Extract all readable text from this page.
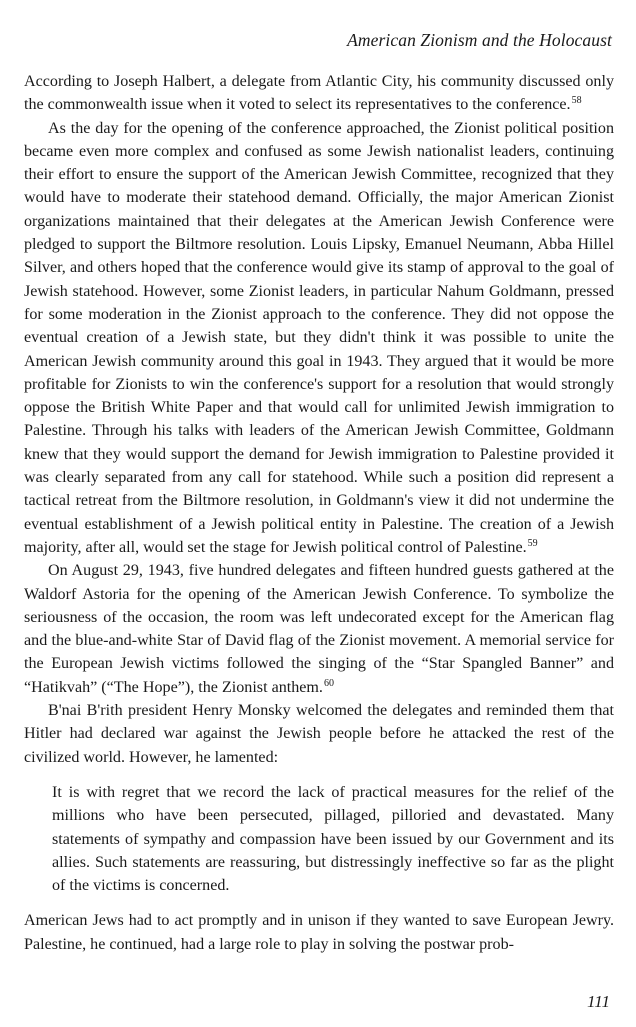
American Zionism and the Holocaust

According to Joseph Halbert, a delegate from Atlantic City, his community discussed only the commonwealth issue when it voted to select its representatives to the conference.$^{58}$

As the day for the opening of the conference approached, the Zionist political position became even more complex and confused as some Jewish nationalist leaders, continuing their effort to ensure the support of the American Jewish Committee, recognized that they would have to moderate their statehood demand. Officially, the major American Zionist organizations maintained that their delegates at the American Jewish Conference were pledged to support the Biltmore resolution. Louis Lipsky, Emanuel Neumann, Abba Hillel Silver, and others hoped that the conference would give its stamp of approval to the goal of Jewish statehood. However, some Zionist leaders, in particular Nahum Goldmann, pressed for some moderation in the Zionist approach to the conference. They did not oppose the eventual creation of a Jewish state, but they didn't think it was possible to unite the American Jewish community around this goal in 1943. They argued that it would be more profitable for Zionists to win the conference's support for a resolution that would strongly oppose the British White Paper and that would call for unlimited Jewish immigration to Palestine. Through his talks with leaders of the American Jewish Committee, Goldmann knew that they would support the demand for Jewish immigration to Palestine provided it was clearly separated from any call for statehood. While such a position did represent a tactical retreat from the Biltmore resolution, in Goldmann's view it did not undermine the eventual establishment of a Jewish political entity in Palestine. The creation of a Jewish majority, after all, would set the stage for Jewish political control of Palestine.$^{59}$

On August 29, 1943, five hundred delegates and fifteen hundred guests gathered at the Waldorf Astoria for the opening of the American Jewish Conference. To symbolize the seriousness of the occasion, the room was left undecorated except for the American flag and the blue-and-white Star of David flag of the Zionist movement. A memorial service for the European Jewish victims followed the singing of the “Star Spangled Banner” and “Hatikvah” (“The Hope”), the Zionist anthem.$^{60}$

B'nai B'rith president Henry Monsky welcomed the delegates and reminded them that Hitler had declared war against the Jewish people before he attacked the rest of the civilized world. However, he lamented:

It is with regret that we record the lack of practical measures for the relief of the millions who have been persecuted, pillaged, pilloried and devastated. Many statements of sympathy and compassion have been issued by our Government and its allies. Such statements are reassuring, but distressingly ineffective so far as the plight of the victims is concerned.

American Jews had to act promptly and in unison if they wanted to save European Jewry. Palestine, he continued, had a large role to play in solving the postwar prob-

111
